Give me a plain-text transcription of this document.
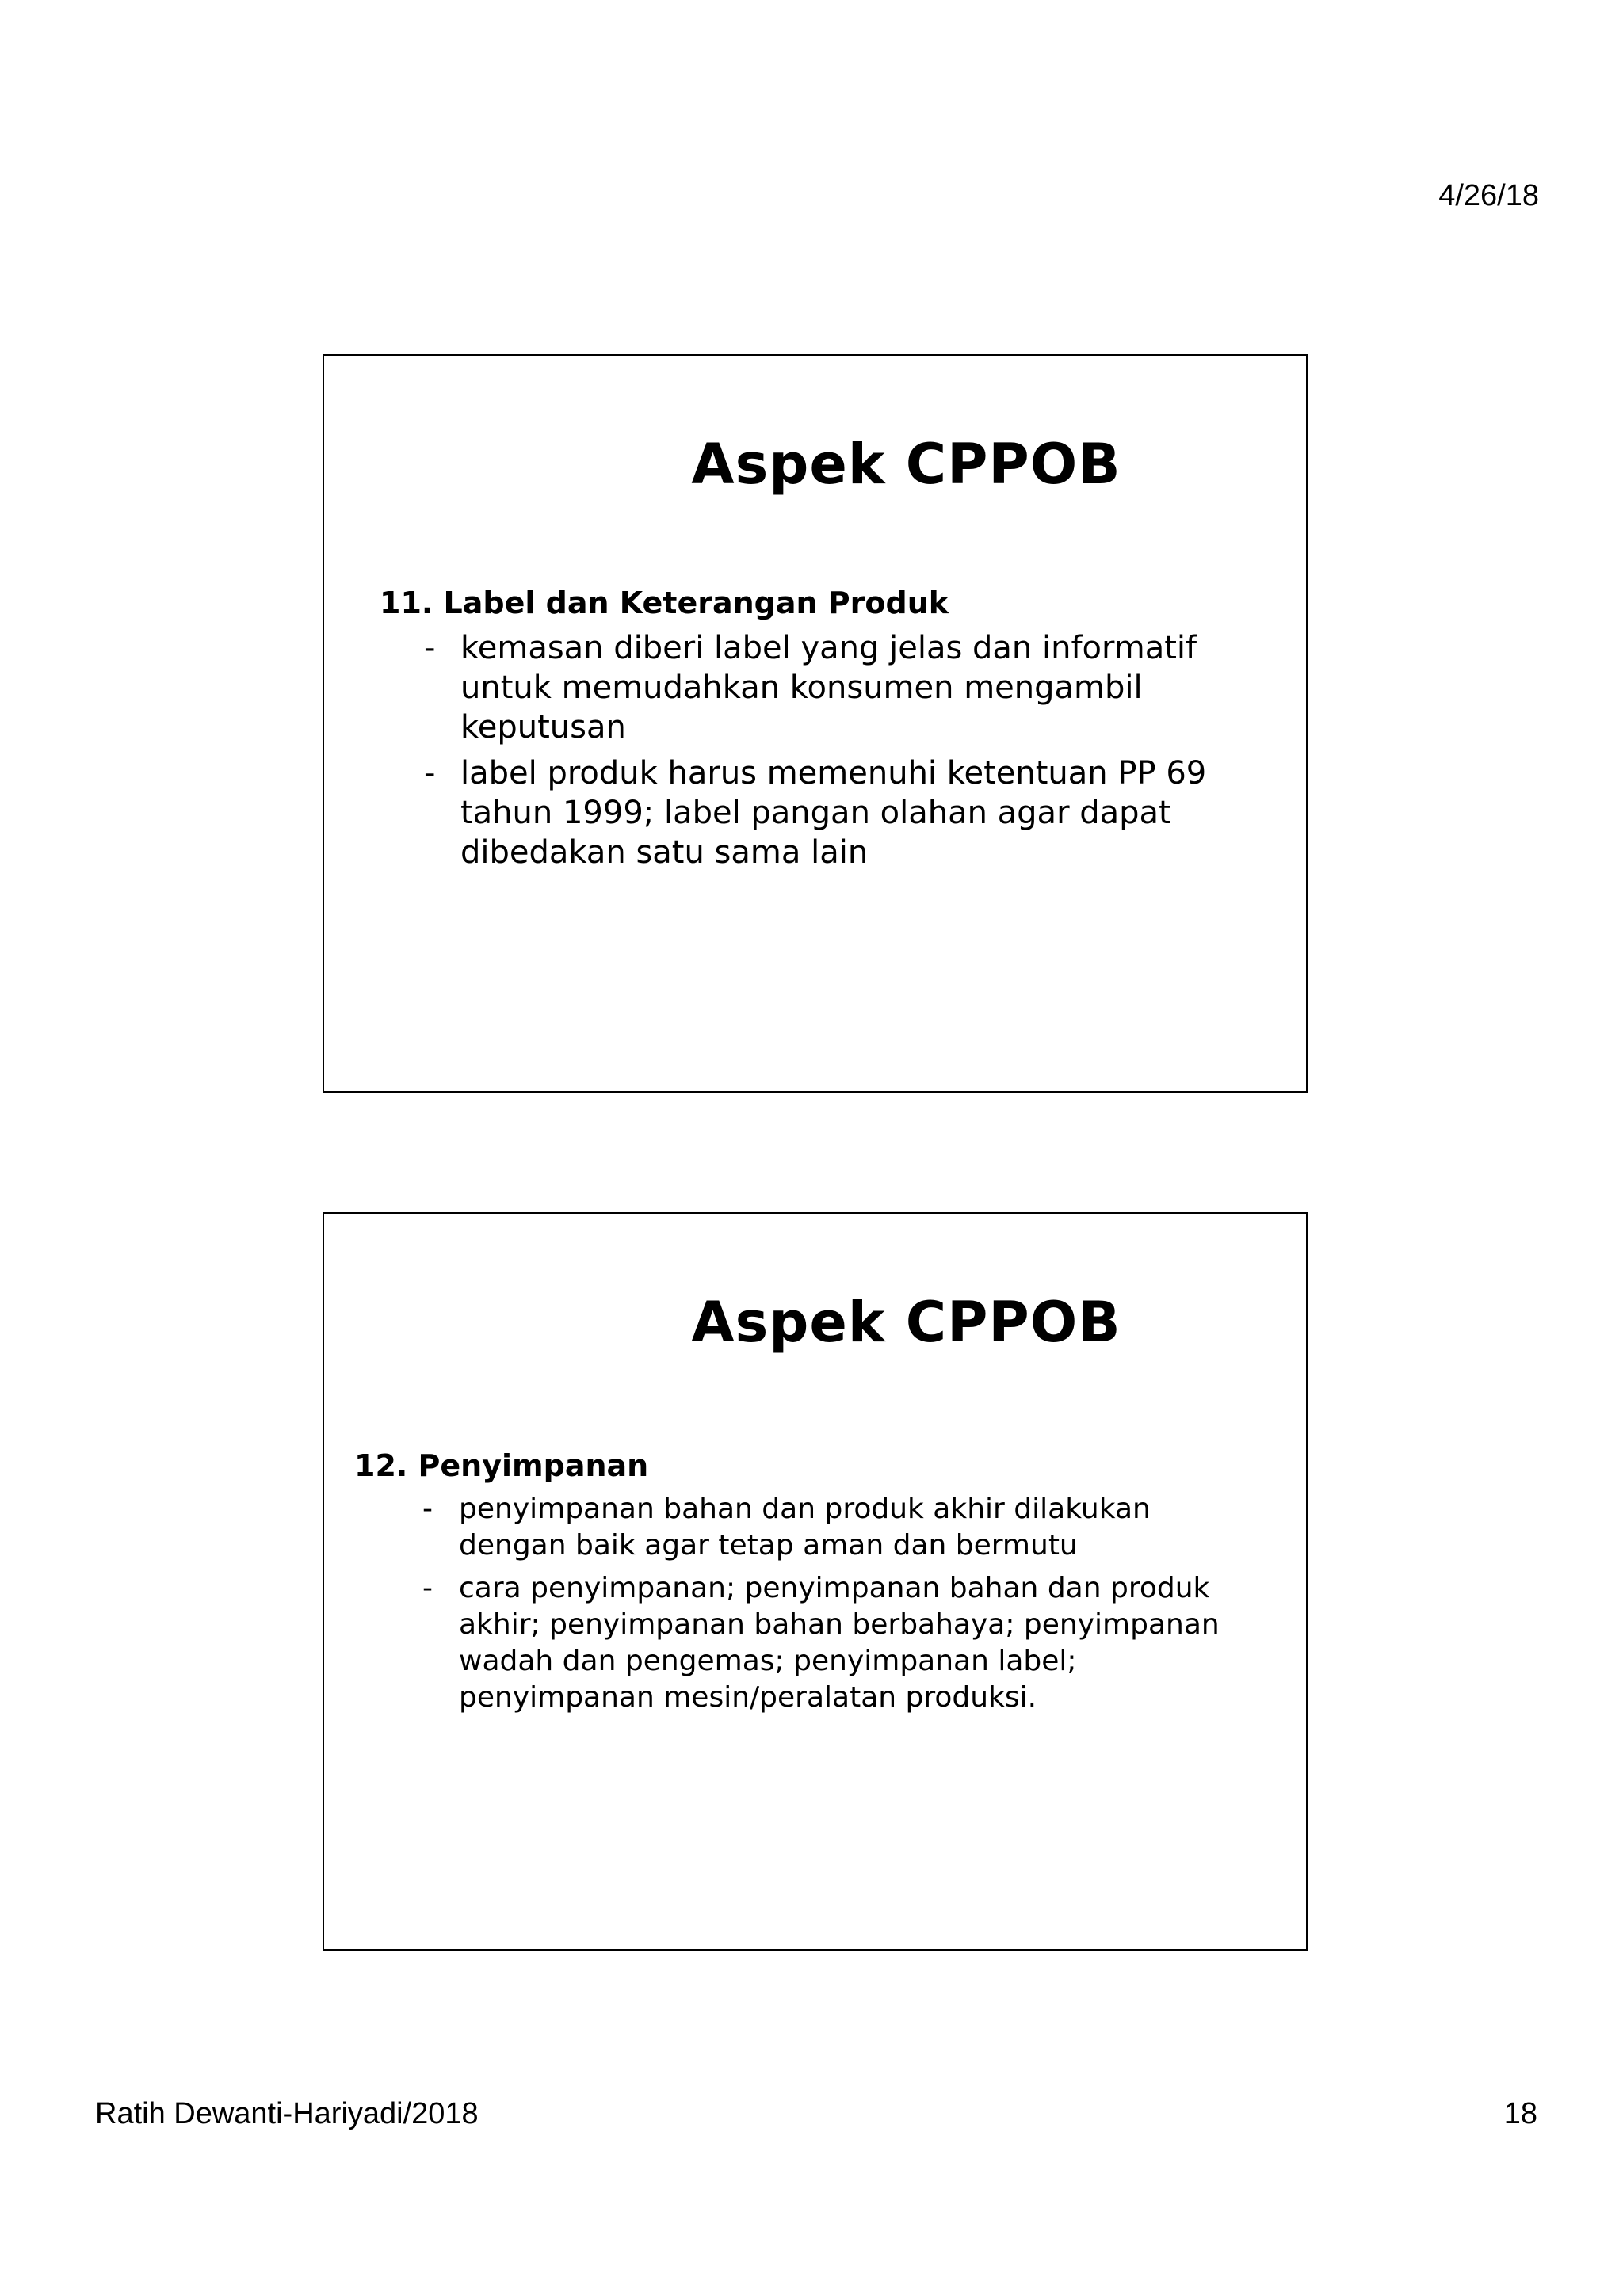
4/26/18
Aspek CPPOB
11. Label dan Keterangan Produk
- kemasan diberi label yang jelas dan informatif untuk memudahkan konsumen mengambil keputusan
- label produk harus memenuhi ketentuan PP 69 tahun 1999; label pangan olahan agar dapat dibedakan satu sama lain
Aspek CPPOB
12. Penyimpanan
- penyimpanan bahan dan produk akhir dilakukan dengan baik agar tetap aman dan bermutu
- cara penyimpanan; penyimpanan bahan dan produk akhir; penyimpanan bahan berbahaya; penyimpanan wadah dan pengemas; penyimpanan label; penyimpanan mesin/peralatan produksi.
Ratih Dewanti-Hariyadi/2018	18
